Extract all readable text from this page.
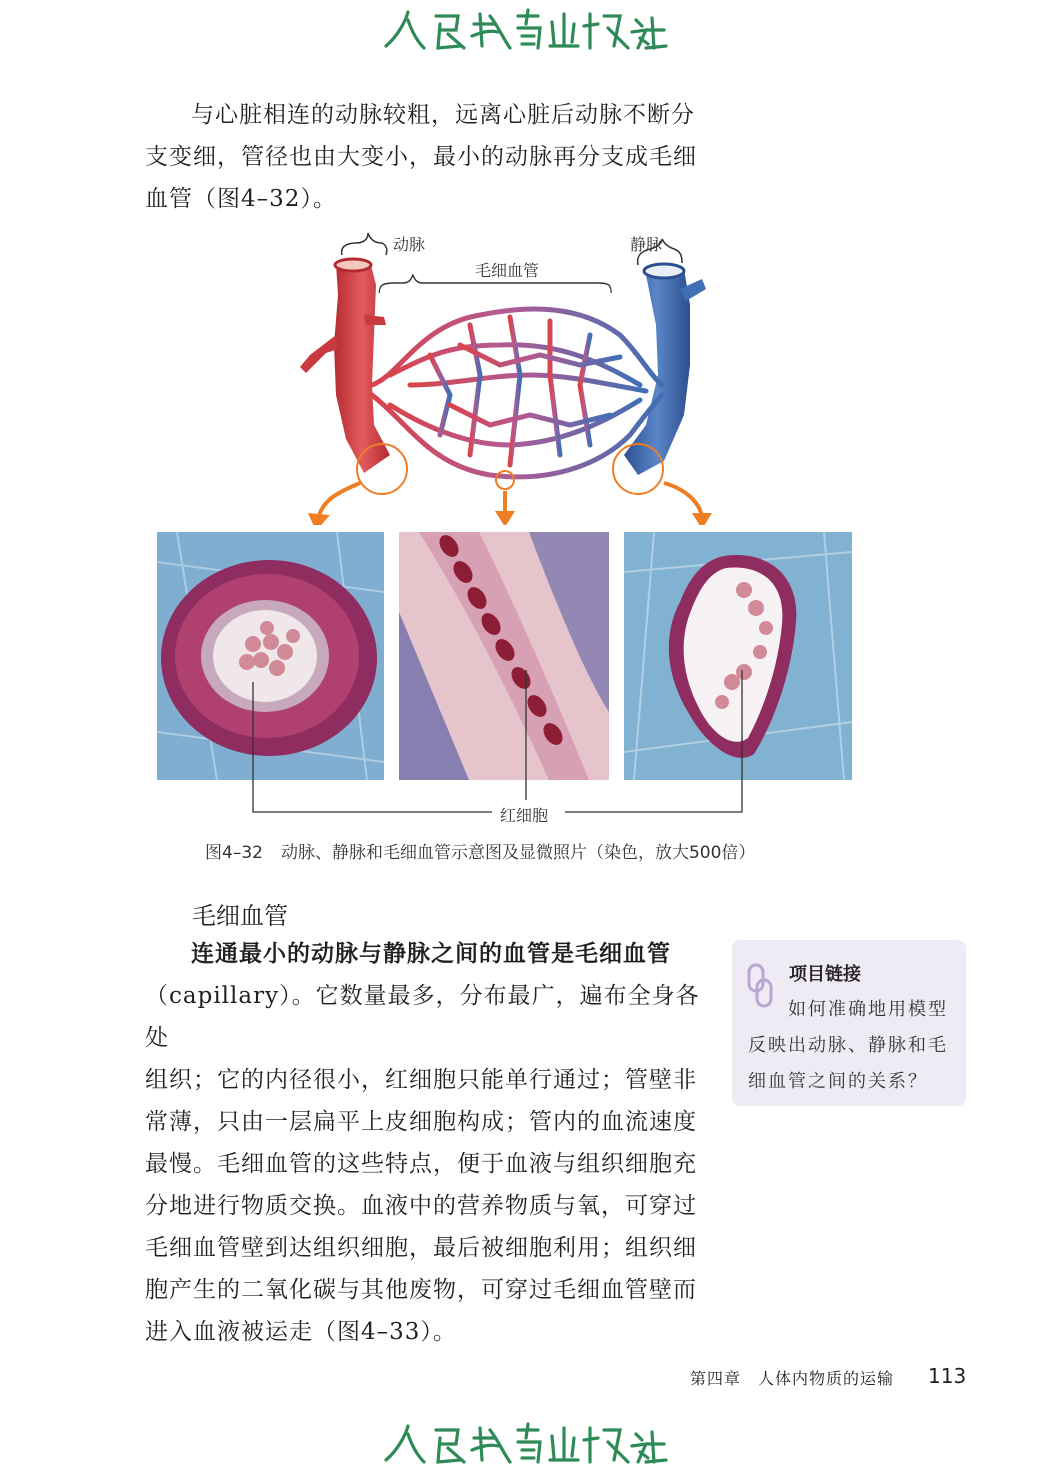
与心脏相连的动脉较粗，远离心脏后动脉不断分
支变细，管径也由大变小，最小的动脉再分支成毛细
血管（图4–32）。
动脉
毛细血管
静脉
红细胞
图4–32 动脉、静脉和毛细血管示意图及显微照片（染色，放大500倍）
毛细血管
连通最小的动脉与静脉之间的血管是毛细血管
（capillary）。它数量最多，分布最广，遍布全身各处
组织；它的内径很小，红细胞只能单行通过；管壁非
常薄，只由一层扁平上皮细胞构成；管内的血流速度
最慢。毛细血管的这些特点，便于血液与组织细胞充
分地进行物质交换。血液中的营养物质与氧，可穿过
毛细血管壁到达组织细胞，最后被细胞利用；组织细
胞产生的二氧化碳与其他废物，可穿过毛细血管壁而
进入血液被运走（图4–33）。
项目链接
如何准确地用模型
反映出动脉、静脉和毛
细血管之间的关系？
第四章　人体内物质的运输 113
